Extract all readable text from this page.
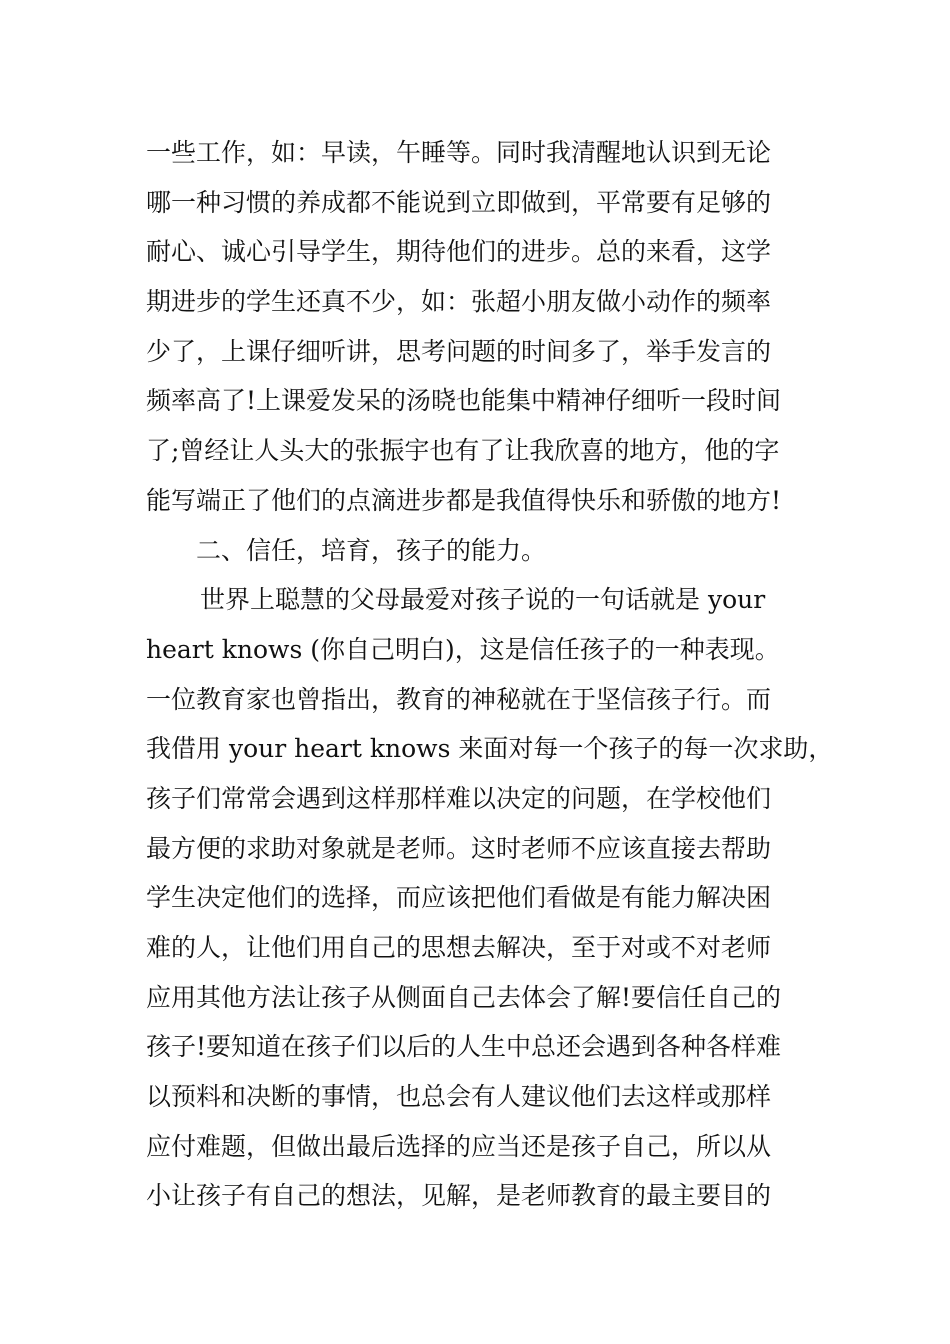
一些工作，如：早读，午睡等。同时我清醒地认识到无论
哪一种习惯的养成都不能说到立即做到，平常要有足够的
耐心、诚心引导学生，期待他们的进步。总的来看，这学
期进步的学生还真不少，如：张超小朋友做小动作的频率
少了，上课仔细听讲，思考问题的时间多了，举手发言的
频率高了!上课爱发呆的汤晓也能集中精神仔细听一段时间
了;曾经让人头大的张振宇也有了让我欣喜的地方，他的字
能写端正了他们的点滴进步都是我值得快乐和骄傲的地方!
二、信任，培育，孩子的能力。
世界上聪慧的父母最爱对孩子说的一句话就是 your
heart knows (你自己明白)，这是信任孩子的一种表现。
一位教育家也曾指出，教育的神秘就在于坚信孩子行。而
我借用 your heart knows 来面对每一个孩子的每一次求助，
孩子们常常会遇到这样那样难以决定的问题，在学校他们
最方便的求助对象就是老师。这时老师不应该直接去帮助
学生决定他们的选择，而应该把他们看做是有能力解决困
难的人，让他们用自己的思想去解决，至于对或不对老师
应用其他方法让孩子从侧面自己去体会了解!要信任自己的
孩子!要知道在孩子们以后的人生中总还会遇到各种各样难
以预料和决断的事情，也总会有人建议他们去这样或那样
应付难题，但做出最后选择的应当还是孩子自己，所以从
小让孩子有自己的想法，见解，是老师教育的最主要目的
